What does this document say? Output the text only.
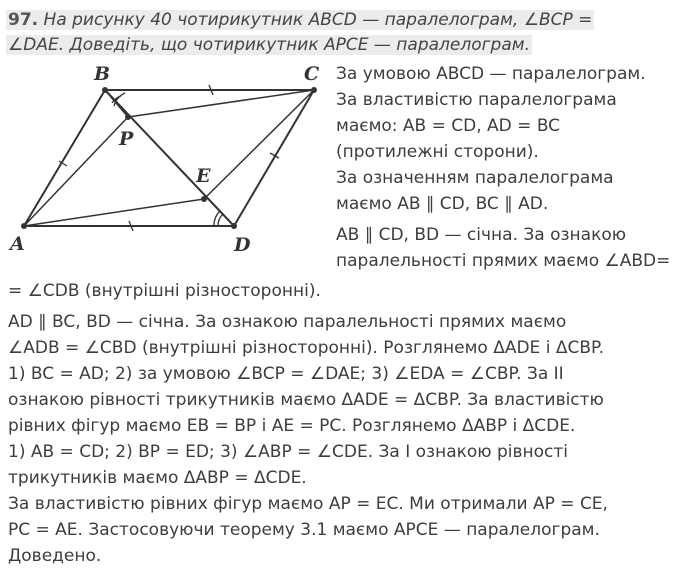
97. На рисунку 40 чотирикутник ABCD — паралелограм, ∠BCP =
∠DAE. Доведіть, що чотирикутник APCE — паралелограм.
B	C
A	D
P
E

За умовою ABCD — паралелограм.

За властивістю паралелограма

маємо: AB = CD, AD = BC

(протилежні сторони).

За означенням паралелограма

маємо AB ∥ CD, BC ∥ AD.

AB ∥ CD, BD — січна. За ознакою

паралельності прямих маємо ∠ABD=

= ∠CDB (внутрішні різносторонні).

AD ∥ BC, BD — січна. За ознакою паралельності прямих маємо

∠ADB = ∠CBD (внутрішні різносторонні). Розглянемо ΔADE і ΔCBP.

1) BC = AD; 2) за умовою ∠BCP = ∠DAE; 3) ∠EDA = ∠CBP. За II

ознакою рівності трикутників маємо ΔADE = ΔCBP. За властивістю

рівних фігур маємо EB = BP і AE = PC. Розглянемо ΔABP і ΔCDE.

1) AB = CD; 2) BP = ED; 3) ∠ABP = ∠CDE. За I ознакою рівності

трикутників маємо ΔABP = ΔCDE.

За властивістю рівних фігур маємо AP = EC. Ми отримали AP = CE,

PC = AE. Застосовуючи теорему 3.1 маємо APCE — паралелограм.

Доведено.
